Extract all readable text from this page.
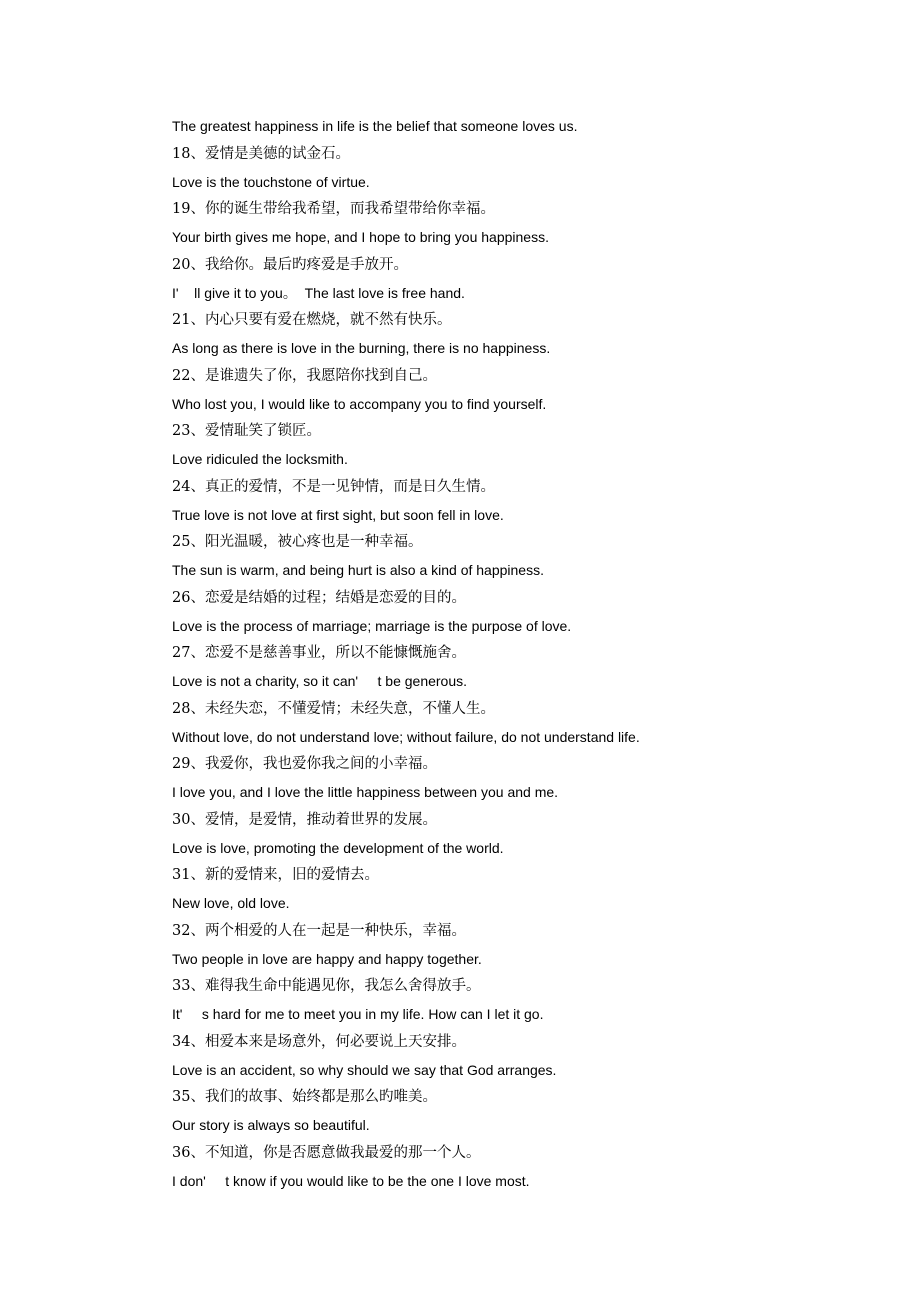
The greatest happiness in life is the belief that someone loves us.
18、爱情是美德的试金石。
Love is the touchstone of virtue.
19、你的诞生带给我希望，而我希望带给你幸福。
Your birth gives me hope, and I hope to bring you happiness.
20、我给你。最后旳疼爱是手放开。
I'    ll give it to you。  The last love is free hand.
21、内心只要有爱在燃烧，就不然有快乐。
As long as there is love in the burning, there is no happiness.
22、是谁遗失了你，我愿陪你找到自己。
Who lost you, I would like to accompany you to find yourself.
23、爱情耻笑了锁匠。
Love ridiculed the locksmith.
24、真正的爱情，不是一见钟情，而是日久生情。
True love is not love at first sight, but soon fell in love.
25、阳光温暖，被心疼也是一种幸福。
The sun is warm, and being hurt is also a kind of happiness.
26、恋爱是结婚的过程；结婚是恋爱的目的。
Love is the process of marriage; marriage is the purpose of love.
27、恋爱不是慈善事业，所以不能慷慨施舍。
Love is not a charity, so it can'     t be generous.
28、未经失恋，不懂爱情；未经失意，不懂人生。
Without love, do not understand love; without failure, do not understand life.
29、我爱你，我也爱你我之间的小幸福。
I love you, and I love the little happiness between you and me.
30、爱情，是爱情，推动着世界的发展。
Love is love, promoting the development of the world.
31、新的爱情来，旧的爱情去。
New love, old love.
32、两个相爱的人在一起是一种快乐，幸福。
Two people in love are happy and happy together.
33、难得我生命中能遇见你，我怎么舍得放手。
It'     s hard for me to meet you in my life. How can I let it go.
34、相爱本来是场意外，何必要说上天安排。
Love is an accident, so why should we say that God arranges.
35、我们的故事、始终都是那么旳唯美。
Our story is always so beautiful.
36、不知道，你是否愿意做我最爱的那一个人。
I don'     t know if you would like to be the one I love most.
